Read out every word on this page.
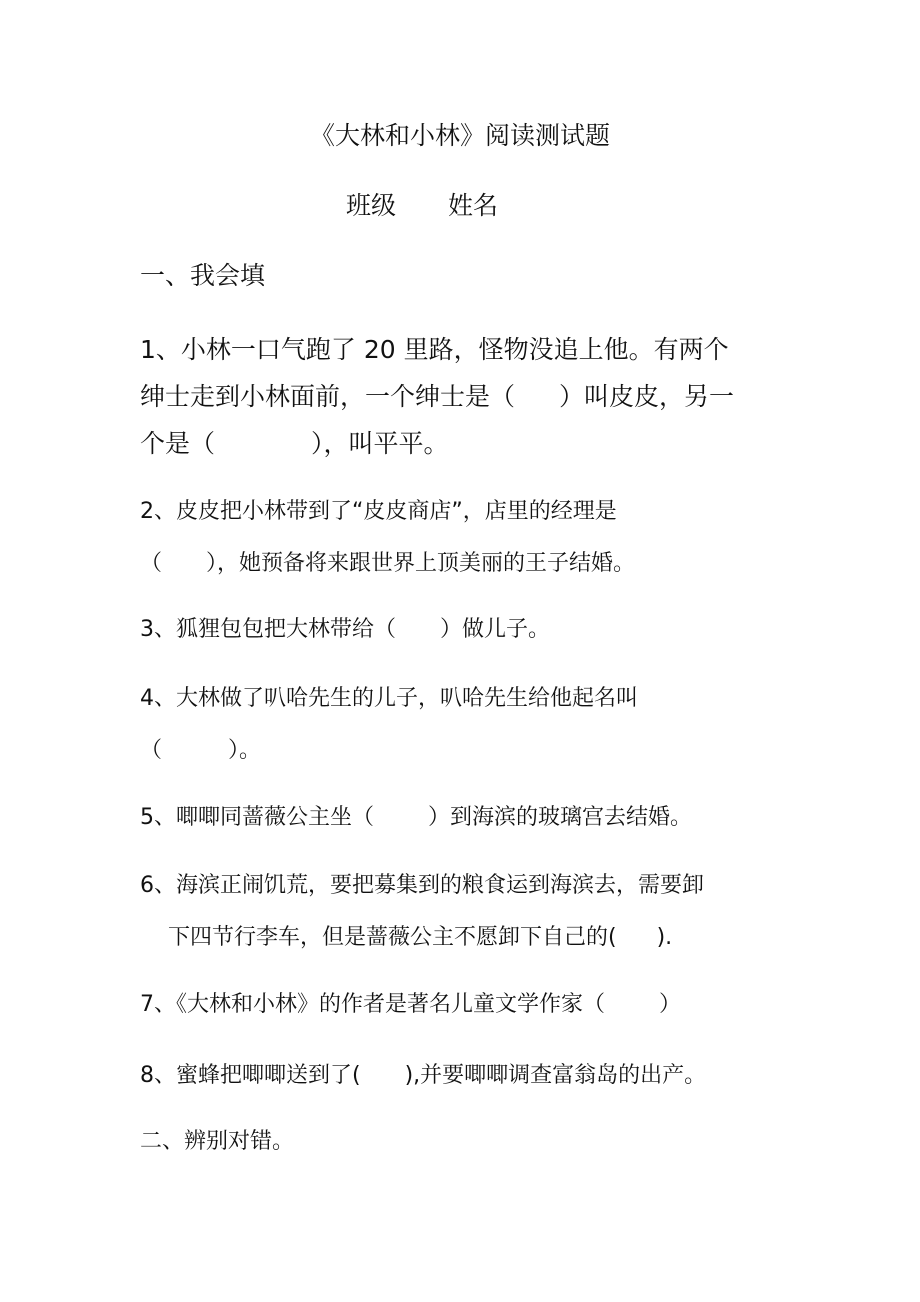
《大林和小林》阅读测试题
班级 姓名
一、我会填
1、小林一口气跑了 20 里路，怪物没追上他。有两个
绅士走到小林面前，一个绅士是（ ）叫皮皮，另一
个是（	），叫平平。
2、皮皮把小林带到了“皮皮商店”，店里的经理是
（ ），她预备将来跟世界上顶美丽的王子结婚。
3、狐狸包包把大林带给（ ）做儿子。
4、大林做了叭哈先生的儿子，叭哈先生给他起名叫
（	）。
5、唧唧同蔷薇公主坐（ ）到海滨的玻璃宫去结婚。
6、海滨正闹饥荒，要把募集到的粮食运到海滨去，需要卸
下四节行李车，但是蔷薇公主不愿卸下自己的( ).
7、《大林和小林》的作者是著名儿童文学作家（ ）
8、蜜蜂把唧唧送到了( ),并要唧唧调查富翁岛的出产。
二、辨别对错。
